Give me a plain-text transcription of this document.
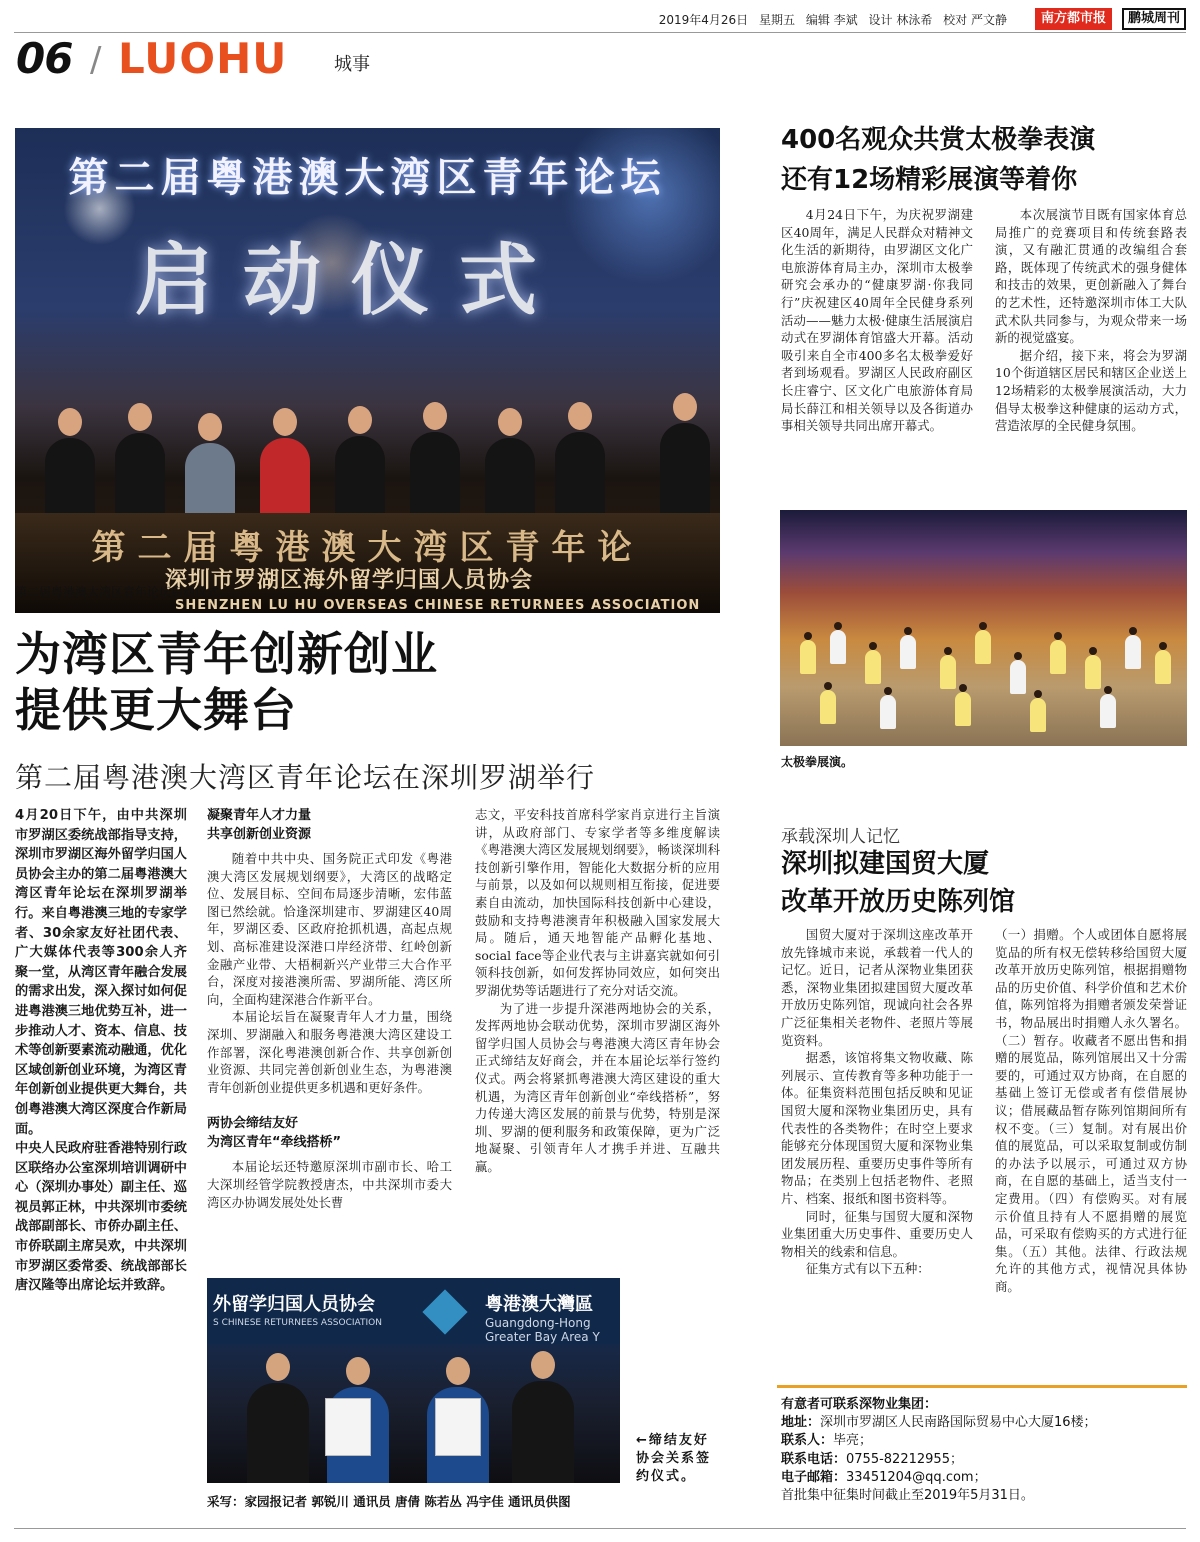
2019年4月26日 星期五 编辑 李斌 设计 林泳希 校对 严文静	南方都市报	鹏城周刊
06 / LUOHU	城事
第二届粤港澳大湾区青年论坛
启动仪式
第二届粤港澳大湾区青年论
深圳市罗湖区海外留学归国人员协会
SHENZHEN LU HU OVERSEAS CHINESE RETURNEES ASSOCIATION
第二届粤港澳大湾区青年论坛启动仪式。
为湾区青年创新创业
提供更大舞台
第二届粤港澳大湾区青年论坛在深圳罗湖举行

4月20日下午，由中共深圳市罗湖区委统战部指导支持，深圳市罗湖区海外留学归国人员协会主办的第二届粤港澳大湾区青年论坛在深圳罗湖举行。来自粤港澳三地的专家学者、30余家友好社团代表、广大媒体代表等300余人齐聚一堂，从湾区青年融合发展的需求出发，深入探讨如何促进粤港澳三地优势互补，进一步推动人才、资本、信息、技术等创新要素流动融通，优化区域创新创业环境，为湾区青年创新创业提供更大舞台，共创粤港澳大湾区深度合作新局面。

中央人民政府驻香港特别行政区联络办公室深圳培训调研中心（深圳办事处）副主任、巡视员郭正林，中共深圳市委统战部副部长、市侨办副主任、市侨联副主席吴欢，中共深圳市罗湖区委常委、统战部部长唐汉隆等出席论坛并致辞。

凝聚青年人才力量
共享创新创业资源

随着中共中央、国务院正式印发《粤港澳大湾区发展规划纲要》，大湾区的战略定位、发展目标、空间布局逐步清晰，宏伟蓝图已然绘就。恰逢深圳建市、罗湖建区40周年，罗湖区委、区政府抢抓机遇，高起点规划、高标准建设深港口岸经济带、红岭创新金融产业带、大梧桐新兴产业带三大合作平台，深度对接港澳所需、罗湖所能、湾区所向，全面构建深港合作新平台。

本届论坛旨在凝聚青年人才力量，围绕深圳、罗湖融入和服务粤港澳大湾区建设工作部署，深化粤港澳创新合作、共享创新创业资源、共同完善创新创业生态，为粤港澳青年创新创业提供更多机遇和更好条件。

两协会缔结友好
为湾区青年“牵线搭桥”

本届论坛还特邀原深圳市副市长、哈工大深圳经管学院教授唐杰，中共深圳市委大湾区办协调发展处处长曹

志文，平安科技首席科学家肖京进行主旨演讲，从政府部门、专家学者等多维度解读《粤港澳大湾区发展规划纲要》，畅谈深圳科技创新引擎作用，智能化大数据分析的应用与前景，以及如何以规则相互衔接，促进要素自由流动，加快国际科技创新中心建设，鼓励和支持粤港澳青年积极融入国家发展大局。随后，通天地智能产品孵化基地、social face等企业代表与主讲嘉宾就如何引领科技创新，如何发挥协同效应，如何突出罗湖优势等话题进行了充分对话交流。

为了进一步提升深港两地协会的关系，发挥两地协会联动优势，深圳市罗湖区海外留学归国人员协会与粤港澳大湾区青年协会正式缔结友好商会，并在本届论坛举行签约仪式。两会将紧抓粤港澳大湾区建设的重大机遇，为湾区青年创新创业“牵线搭桥”，努力传递大湾区发展的前景与优势，特别是深圳、罗湖的便利服务和政策保障，更为广泛地凝聚、引领青年人才携手并进、互融共赢。

外留学归国人员协会
S CHINESE RETURNEES ASSOCIATION
粤港澳大灣區
Guangdong-Hong
Greater Bay Area Y
←缔结友好协会关系签约仪式。
采写：家园报记者 郭锐川 通讯员 唐倩 陈若丛 冯宇佳 通讯员供图
400名观众共赏太极拳表演
还有12场精彩展演等着你

4月24日下午，为庆祝罗湖建区40周年，满足人民群众对精神文化生活的新期待，由罗湖区文化广电旅游体育局主办，深圳市太极拳研究会承办的“健康罗湖·你我同行”庆祝建区40周年全民健身系列活动——魅力太极·健康生活展演启动式在罗湖体育馆盛大开幕。活动吸引来自全市400多名太极拳爱好者到场观看。罗湖区人民政府副区长庄睿宁、区文化广电旅游体育局局长薛江和相关领导以及各街道办事相关领导共同出席开幕式。

本次展演节目既有国家体育总局推广的竞赛项目和传统套路表演，又有融汇贯通的改编组合套路，既体现了传统武术的强身健体和技击的效果，更创新融入了舞台的艺术性，还特邀深圳市体工大队武术队共同参与，为观众带来一场新的视觉盛宴。

据介绍，接下来，将会为罗湖10个街道辖区居民和辖区企业送上12场精彩的太极拳展演活动，大力倡导太极拳这种健康的运动方式，营造浓厚的全民健身氛围。

太极拳展演。
承载深圳人记忆
深圳拟建国贸大厦
改革开放历史陈列馆

国贸大厦对于深圳这座改革开放先锋城市来说，承载着一代人的记忆。近日，记者从深物业集团获悉，深物业集团拟建国贸大厦改革开放历史陈列馆，现诚向社会各界广泛征集相关老物件、老照片等展览资料。

据悉，该馆将集文物收藏、陈列展示、宣传教育等多种功能于一体。征集资料范围包括反映和见证国贸大厦和深物业集团历史，具有代表性的各类物件；在时空上要求能够充分体现国贸大厦和深物业集团发展历程、重要历史事件等所有物品；在类别上包括老物件、老照片、档案、报纸和图书资料等。

同时，征集与国贸大厦和深物业集团重大历史事件、重要历史人物相关的线索和信息。

征集方式有以下五种：

（一）捐赠。个人或团体自愿将展览品的所有权无偿转移给国贸大厦改革开放历史陈列馆，根据捐赠物品的历史价值、科学价值和艺术价值，陈列馆将为捐赠者颁发荣誉证书，物品展出时捐赠人永久署名。（二）暂存。收藏者不愿出售和捐赠的展览品，陈列馆展出又十分需要的，可通过双方协商，在自愿的基础上签订无偿或者有偿借展协议；借展藏品暂存陈列馆期间所有权不变。（三）复制。对有展出价值的展览品，可以采取复制或仿制的办法予以展示，可通过双方协商，在自愿的基础上，适当支付一定费用。（四）有偿购买。对有展示价值且持有人不愿捐赠的展览品，可采取有偿购买的方式进行征集。（五）其他。法律、行政法规允许的其他方式，视情况具体协商。

有意者可联系深物业集团：
地址：深圳市罗湖区人民南路国际贸易中心大厦16楼；
联系人：毕亮；
联系电话：0755-82212955；
电子邮箱：33451204@qq.com；
首批集中征集时间截止至2019年5月31日。
